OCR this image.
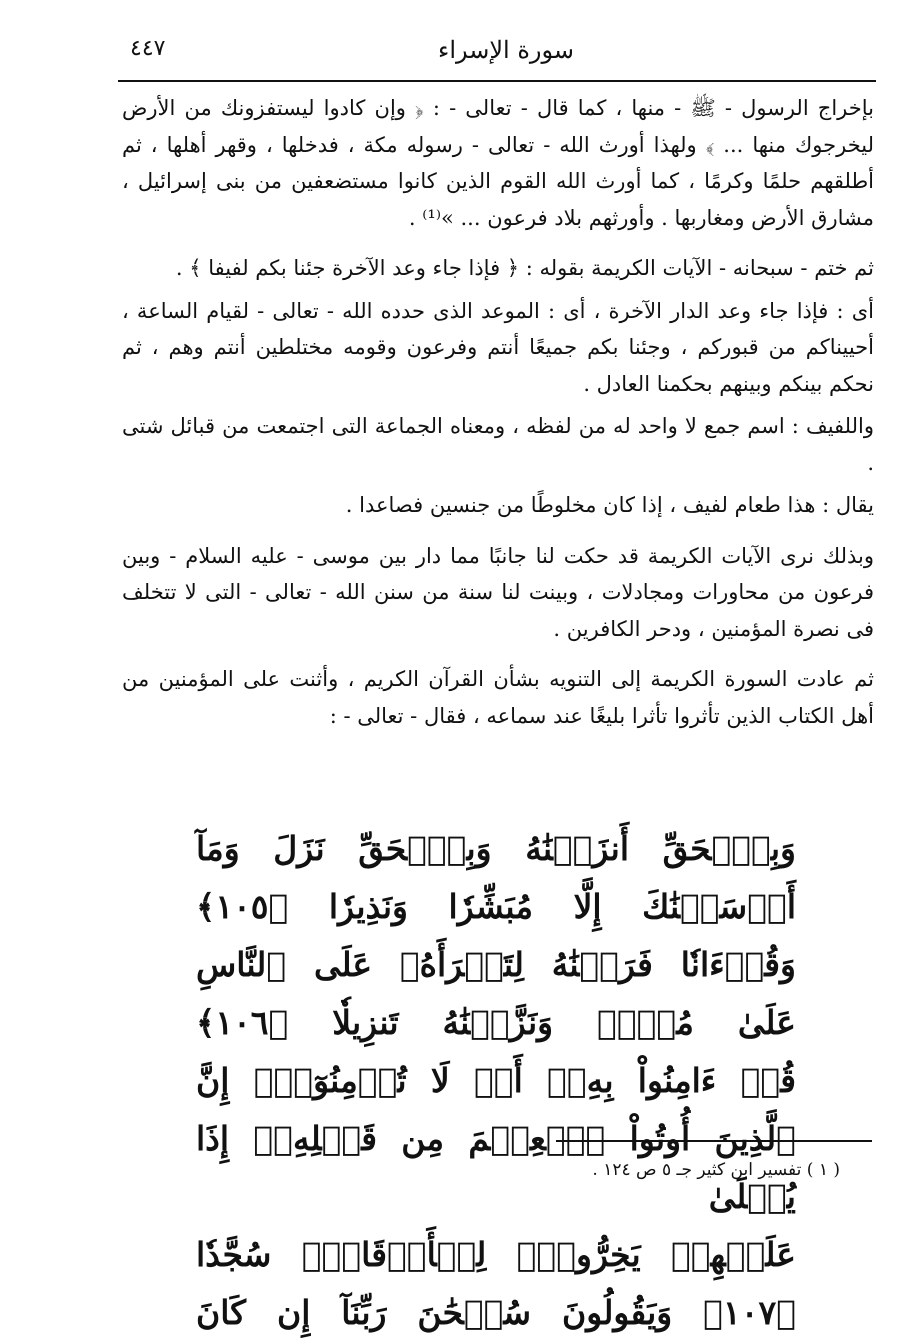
سورة الإسراء
٤٤٧

بإخراج الرسول - ﷺ - منها ، كما قال - تعالى - : ﴿ وإن كادوا ليستفزونك من الأرض ليخرجوك منها ... ﴾ ولهذا أورث الله - تعالى - رسوله مكة ، فدخلها ، وقهر أهلها ، ثم أطلقهم حلمًا وكرمًا ، كما أورث الله القوم الذين كانوا مستضعفين من بنى إسرائيل ، مشارق الأرض ومغاربها . وأورثهم بلاد فرعون ... »⁽¹⁾ .

ثم ختم - سبحانه - الآيات الكريمة بقوله : ﴿ فإذا جاء وعد الآخرة جئنا بكم لفيفا ﴾ .

أى : فإذا جاء وعد الدار الآخرة ، أى : الموعد الذى حدده الله - تعالى - لقيام الساعة ، أحييناكم من قبوركم ، وجئنا بكم جميعًا أنتم وفرعون وقومه مختلطين أنتم وهم ، ثم نحكم بينكم وبينهم بحكمنا العادل .

واللفيف : اسم جمع لا واحد له من لفظه ، ومعناه الجماعة التى اجتمعت من قبائل شتى .

يقال : هذا طعام لفيف ، إذا كان مخلوطًا من جنسين فصاعدا .

وبذلك نرى الآيات الكريمة قد حكت لنا جانبًا مما دار بين موسى - عليه السلام - وبين فرعون من محاورات ومجادلات ، وبينت لنا سنة من سنن الله - تعالى - التى لا تتخلف فى نصرة المؤمنين ، ودحر الكافرين .

ثم عادت السورة الكريمة إلى التنويه بشأن القرآن الكريم ، وأثنت على المؤمنين من أهل الكتاب الذين تأثروا تأثرا بليغًا عند سماعه ، فقال - تعالى - :

وَبِٱلۡحَقِّ أَنزَلۡنَٰهُ وَبِٱلۡحَقِّ نَزَلَ وَمَآ أَرۡسَلۡنَٰكَ إِلَّا مُبَشِّرٗا وَنَذِيرٗا ﴿١٠٥﴾

وَقُرۡءَانٗا فَرَقۡنَٰهُ لِتَقۡرَأَهُۥ عَلَى ٱلنَّاسِ عَلَىٰ مُكۡثٖ وَنَزَّلۡنَٰهُ تَنزِيلٗا ﴿١٠٦﴾

قُلۡ ءَامِنُواْ بِهِۦٓ أَوۡ لَا تُؤۡمِنُوٓاْۚ إِنَّ ٱلَّذِينَ أُوتُواْ ٱلۡعِلۡمَ مِن قَبۡلِهِۦٓ إِذَا يُتۡلَىٰ

عَلَيۡهِمۡ يَخِرُّونَۤ لِلۡأَذۡقَانِۤ سُجَّدٗا ﴿١٠٧﴾ وَيَقُولُونَ سُبۡحَٰنَ رَبِّنَآ إِن كَانَ

( ١ ) تفسير ابن كثير جـ ٥ ص ١٢٤ .
